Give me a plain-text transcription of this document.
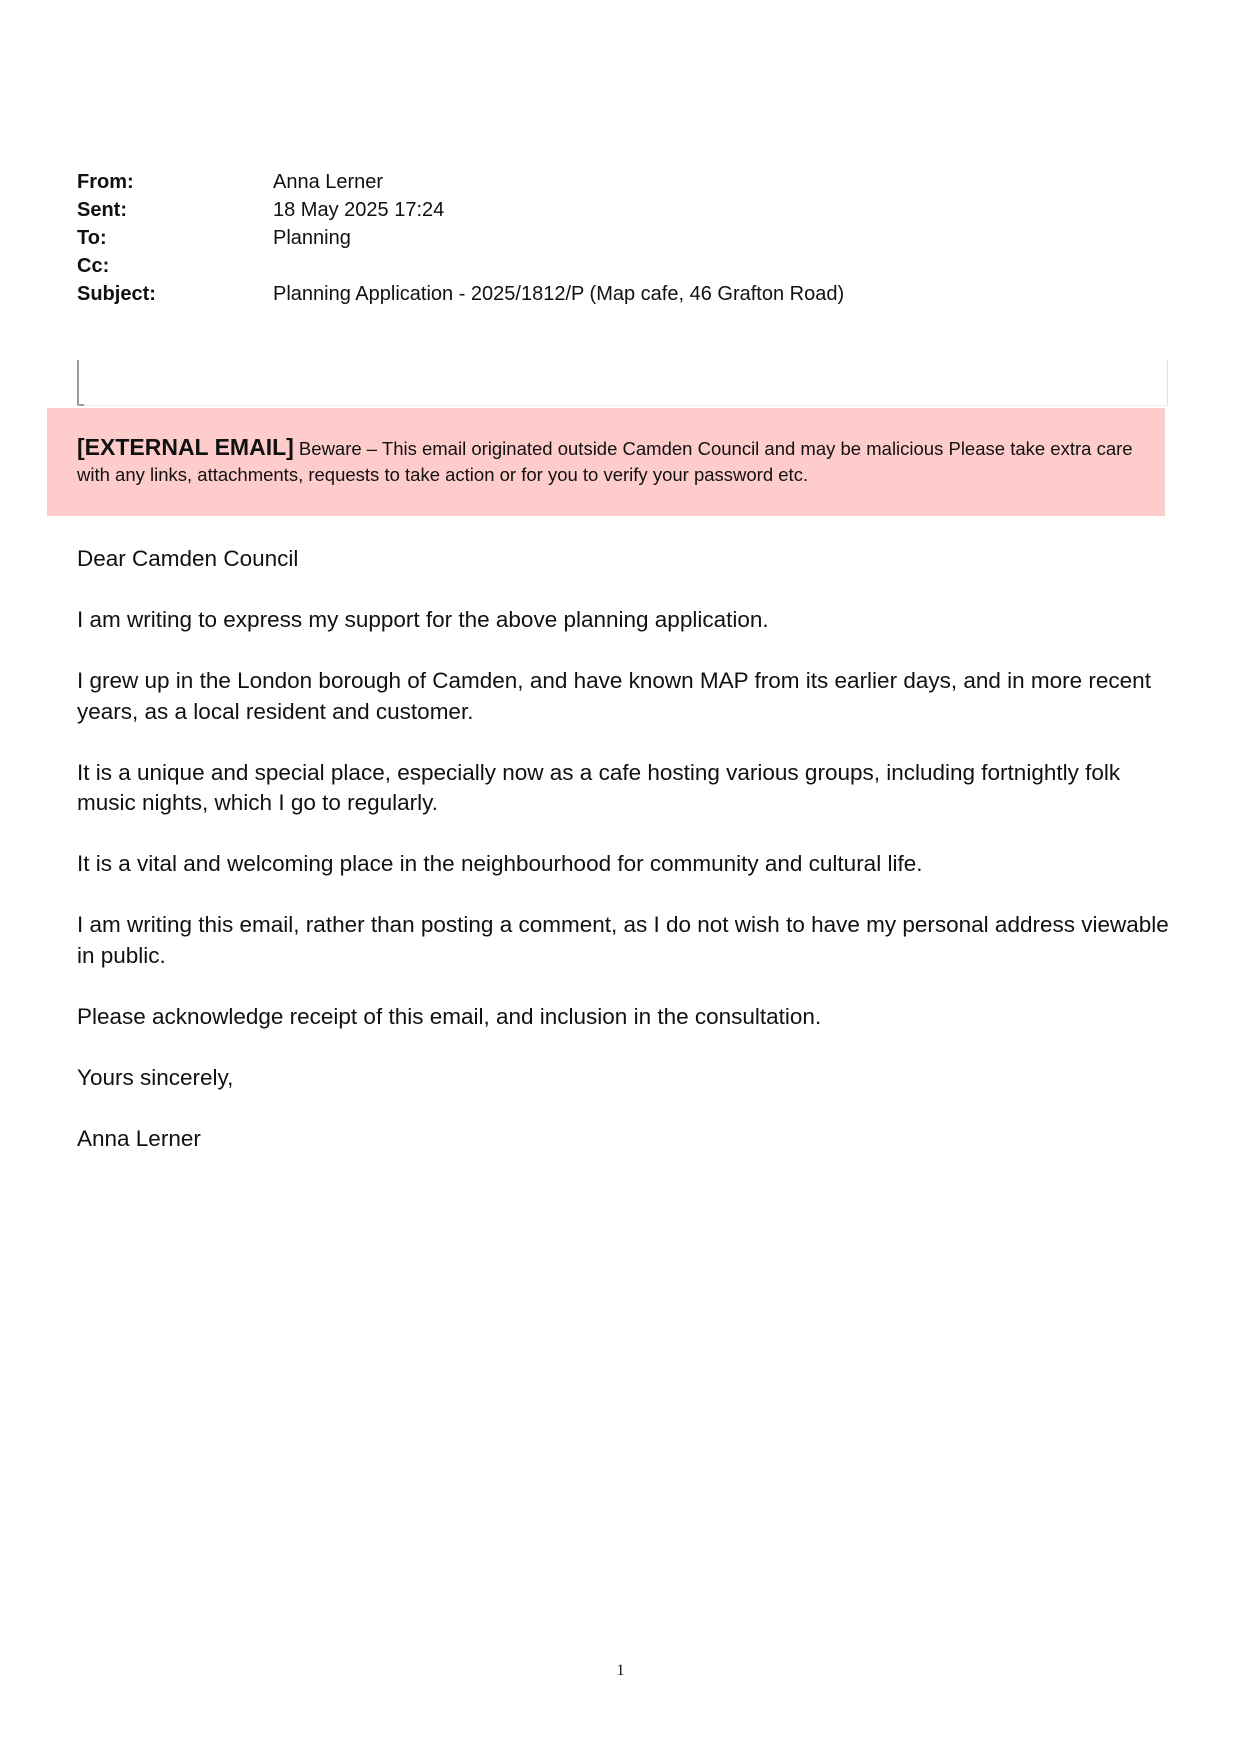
From:	Anna Lerner
Sent:	18 May 2025 17:24
To:	Planning
Cc:
Subject:	Planning Application - 2025/1812/P (Map cafe, 46 Grafton Road)
[EXTERNAL EMAIL] Beware – This email originated outside Camden Council and may be malicious Please take extra care with any links, attachments, requests to take action or for you to verify your password etc.

Dear Camden Council

I am writing to express my support for the above planning application.

I grew up in the London borough of Camden, and have known MAP from its earlier days, and in more recent years, as a local resident and customer.

It is a unique and special place, especially now as a cafe hosting various groups, including fortnightly folk music nights, which I go to regularly.

It is a vital and welcoming place in the neighbourhood for community and cultural life.

I am writing this email, rather than posting a comment, as I do not wish to have my personal address viewable in public.

Please acknowledge receipt of this email, and inclusion in the consultation.

Yours sincerely,

Anna Lerner

1
